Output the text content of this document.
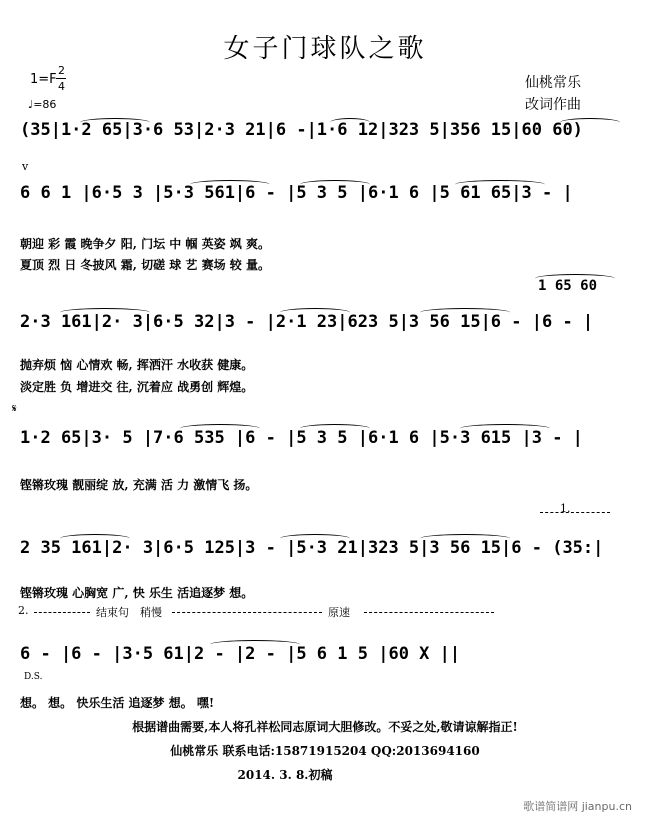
女子门球队之歌
1=F
2
4
♩=86
仙桃常乐
改词作曲
(35|1·2 65|3·6 53|2·3 21|6 -|1·6 12|323 5|356 15|60 60)
v
6 6 1 |6·5 3 |5·3 561|6 - |5 3 5 |6·1 6 |5 61 65|3 - |
朝迎 彩 霞 晚争夕 阳, 门坛 中 帼 英姿 飒 爽。
夏顶 烈 日 冬披风 霜, 切磋 球 艺 赛场 较 量。
1 65 60
2·3 161|2· 3|6·5 32|3 - |2·1 23|623 5|3 56 15|6 - |6 - |
抛弃烦 恼 心情欢 畅, 挥洒汗 水收获 健康。
淡定胜 负 增进交 往, 沉着应 战勇创 辉煌。
𝄋
1·2 65|3· 5 |7·6 535 |6 - |5 3 5 |6·1 6 |5·3 615 |3 - |
铿锵玫瑰 靓丽绽 放, 充满 活 力 激情飞 扬。
1.
2 35 161|2· 3|6·5 125|3 - |5·3 21|323 5|3 56 15|6 - (35:|
铿锵玫瑰 心胸宽 广, 快 乐生 活追逐梦 想。
2.	结束句 稍慢	原速
6 - |6 - |3·5 61|2 - |2 - |5 6 1 5 |60 X ||
D.S.
想。 想。 快乐生活 追逐梦 想。 嘿!
根据谱曲需要,本人将孔祥松同志原词大胆修改。不妥之处,敬请谅解指正!
仙桃常乐 联系电话:15871915204 QQ:2013694160
2014. 3. 8.初稿
歌谱简谱网 jianpu.cn
